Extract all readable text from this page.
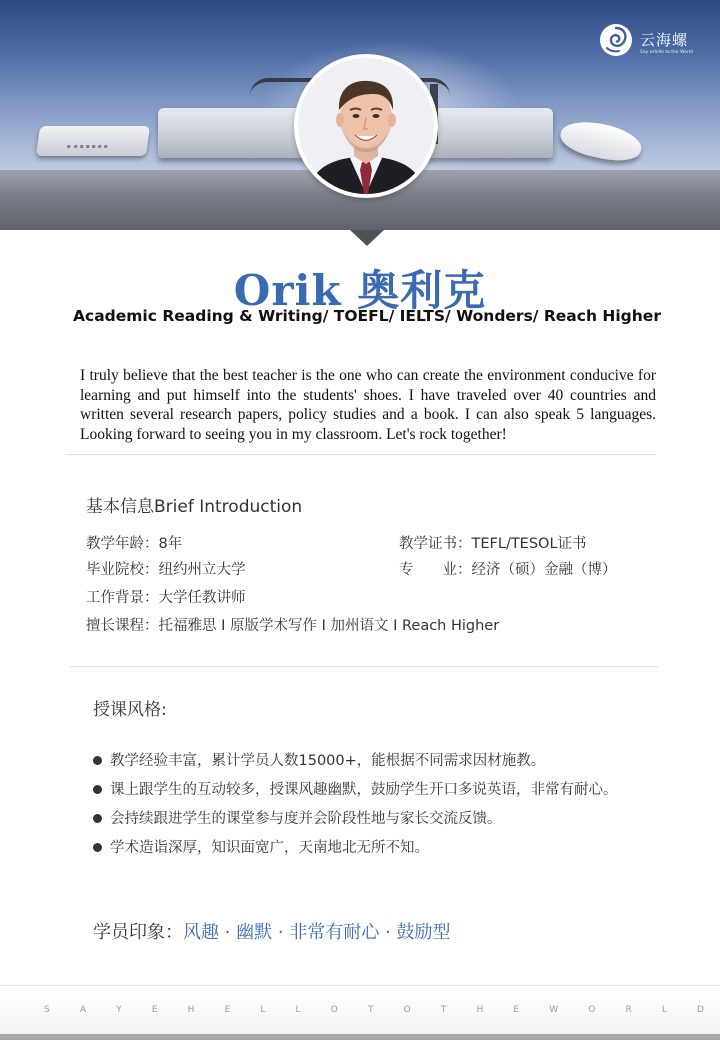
云海螺
Say eHello to the World
Orik 奥利克
Academic Reading & Writing/ TOEFL/ IELTS/ Wonders/ Reach Higher
I truly believe that the best teacher is the one who can create the environment conducive for learning and put himself into the students' shoes. I have traveled over 40 countries and written several research papers, policy studies and a book. I can also speak 5 languages. Looking forward to seeing you in my classroom. Let's rock together!
基本信息Brief Introduction
教学年龄：8年	教学证书：TEFL/TESOL证书
毕业院校：纽约州立大学	专　　业：经济（硕）金融（博）
工作背景：大学任教讲师
擅长课程：托福雅思 I 原版学术写作 I 加州语文 I Reach Higher
授课风格:
教学经验丰富，累计学员人数15000+，能根据不同需求因材施教。
课上跟学生的互动较多，授课风趣幽默，鼓励学生开口多说英语，非常有耐心。
会持续跟进学生的课堂参与度并会阶段性地与家长交流反馈。
学术造诣深厚，知识面宽广，天南地北无所不知。
学员印象：风趣 · 幽默 · 非常有耐心 · 鼓励型
S	A	Y	E	H	E	L	L	O	T	O	T	H	E	W	O	R	L	D
